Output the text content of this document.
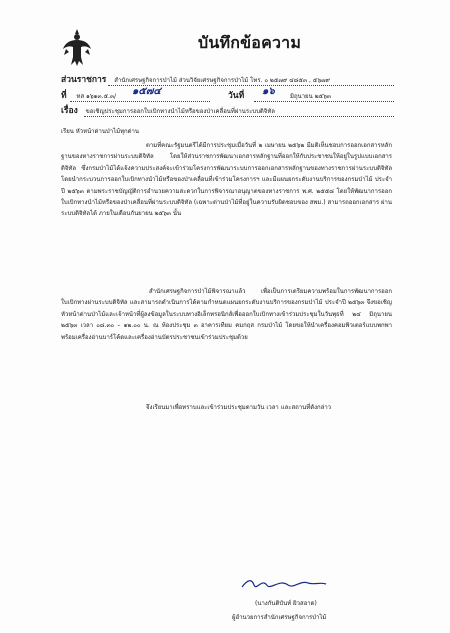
บันทึกข้อความ
ส่วนราชการ สำนักเศรษฐกิจการป่าไม้ ส่วนวิจัยเศรษฐกิจการป่าไม้ โทร. ๐ ๒๕๗๙ ๔๘๕๓ , ๕๖๗๙
ที่ ทส ๑๖๑๓.๕.๓/ ๑๕๗๔	วันที่ ๑๖	มิถุนายน ๒๕๖๓
เรื่อง ขอเชิญประชุมการออกใบเบิกทางนำไม้หรือของป่าเคลื่อนที่ผ่านระบบดิจิทัล
เรียน หัวหน้าด่านป่าไม้ทุกด่าน

ตามที่คณะรัฐมนตรีได้มีการประชุมเมื่อวันที่ ๒ เมษายน ๒๕๖๒ มีมติเห็นชอบการออกเอกสารหลักฐานของทางราชการผ่านระบบดิจิทัล โดยให้ส่วนราชการพัฒนาเอกสารหลักฐานที่ออกให้กับประชาชนให้อยู่ในรูปแบบเอกสารดิจิทัล ซึ่งกรมป่าไม้ได้แจ้งความประสงค์จะเข้าร่วมโครงการพัฒนาระบบการออกเอกสารหลักฐานของทางราชการผ่านระบบดิจิทัล โดยนำกระบวนการออกใบเบิกทางนำไม้หรือของป่าเคลื่อนที่เข้าร่วมโครงการฯ และมีแผนยกระดับงานบริการของกรมป่าไม้ ประจำปี ๒๕๖๓ ตามพระราชบัญญัติการอำนวยความสะดวกในการพิจารณาอนุญาตของทางราชการ พ.ศ. ๒๕๕๘ โดยให้พัฒนาการออกใบเบิกทางนำไม้หรือของป่าเคลื่อนที่ผ่านระบบดิจิทัล (เฉพาะด่านป่าไม้ที่อยู่ในความรับผิดชอบของ สพม.) สามารถออกเอกสาร ผ่านระบบดิจิทัลได้ ภายในเดือนกันยายน ๒๕๖๓ นั้น

สำนักเศรษฐกิจการป่าไม้พิจารณาแล้ว เพื่อเป็นการเตรียมความพร้อมในการพัฒนาการออกใบเบิกทางผ่านระบบดิจิทัล และสามารถดำเนินการได้ตามกำหนดแผนยกระดับงานบริการของกรมป่าไม้ ประจำปี ๒๕๖๓ จึงขอเชิญหัวหน้าด่านป่าไม้และเจ้าหน้าที่ผู้ลงข้อมูลในระบบทางอิเล็กทรอนิกส์เพื่อออกใบเบิกทางเข้าร่วมประชุมในวันพุธที่ ๒๔ มิถุนายน ๒๕๖๓ เวลา ๐๘.๓๐ – ๑๒.๐๐ น. ณ ห้องประชุม ๓ อาคารเทียม คมกฤส กรมป่าไม้ โดยขอให้นำเครื่องคอมพิวเตอร์แบบพกพา พร้อมเครื่องอ่านบาร์โค้ดและเครื่องอ่านบัตรประชาชนเข้าร่วมประชุมด้วย

จึงเรียนมาเพื่อทราบและเข้าร่วมประชุมตามวัน เวลา และสถานที่ดังกล่าว

(นางกันติบันท์ ผิวสอาด)
ผู้อำนวยการสำนักเศรษฐกิจการป่าไม้
